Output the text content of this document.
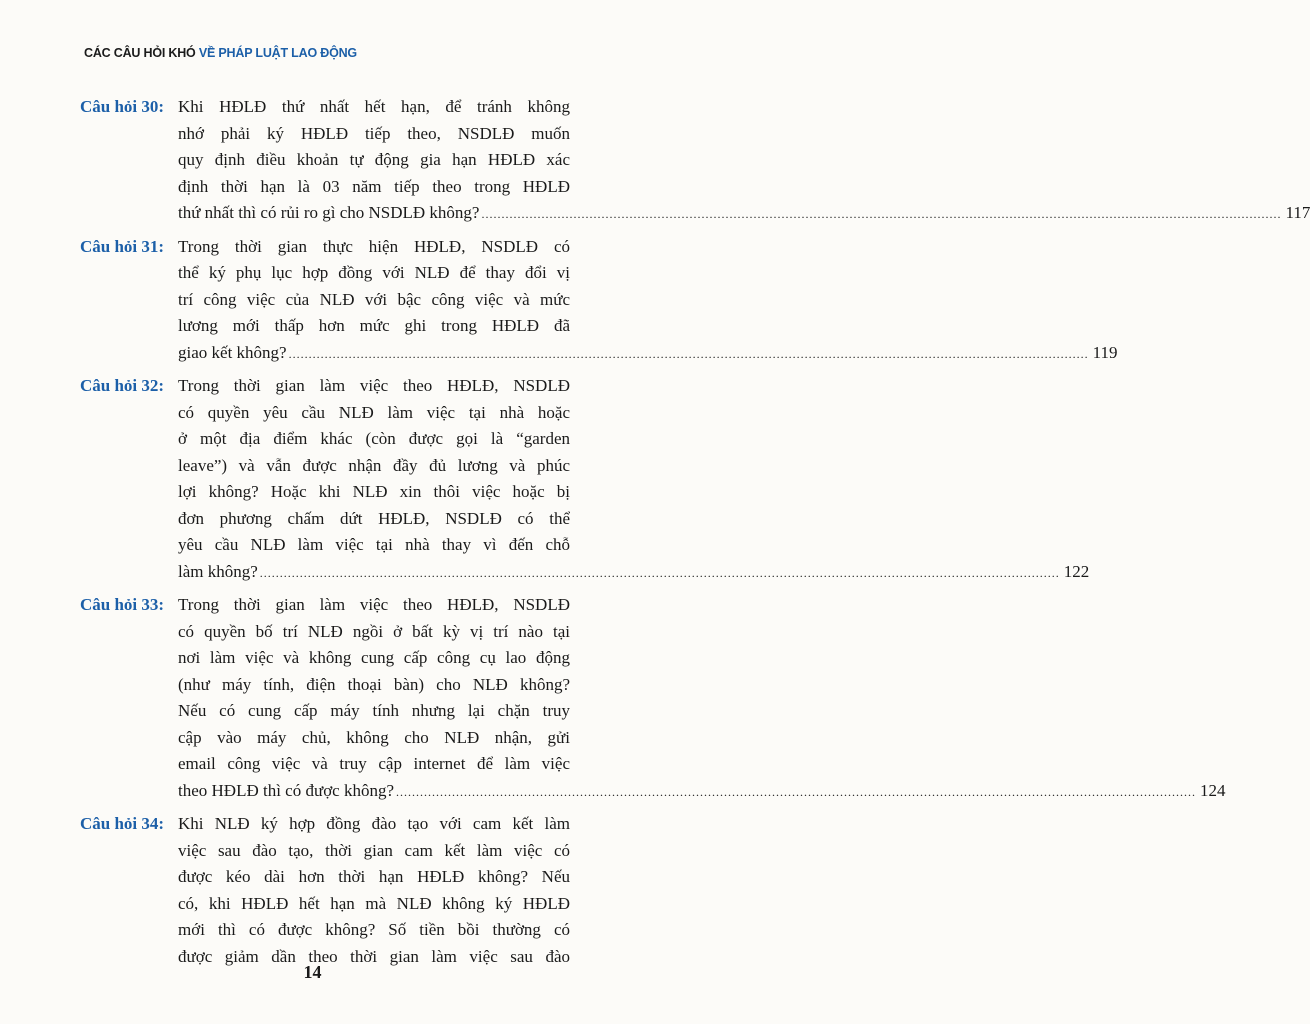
CÁC CÂU HỎI KHÓ VỀ PHÁP LUẬT LAO ĐỘNG
Câu hỏi 30: Khi HĐLĐ thứ nhất hết hạn, để tránh không
nhớ phải ký HĐLĐ tiếp theo, NSDLĐ muốn
quy định điều khoản tự động gia hạn HĐLĐ xác
định thời hạn là 03 năm tiếp theo trong HĐLĐ
thứ nhất thì có rủi ro gì cho NSDLĐ không? ........................................................................................................................................................................................................ 117
Câu hỏi 31: Trong thời gian thực hiện HĐLĐ, NSDLĐ có
thể ký phụ lục hợp đồng với NLĐ để thay đổi vị
trí công việc của NLĐ với bậc công việc và mức
lương mới thấp hơn mức ghi trong HĐLĐ đã
giao kết không? ........................................................................................................................................................................................................ 119
Câu hỏi 32: Trong thời gian làm việc theo HĐLĐ, NSDLĐ
có quyền yêu cầu NLĐ làm việc tại nhà hoặc
ở một địa điểm khác (còn được gọi là “garden
leave”) và vẫn được nhận đầy đủ lương và phúc
lợi không? Hoặc khi NLĐ xin thôi việc hoặc bị
đơn phương chấm dứt HĐLĐ, NSDLĐ có thể
yêu cầu NLĐ làm việc tại nhà thay vì đến chỗ
làm không? ........................................................................................................................................................................................................ 122
Câu hỏi 33: Trong thời gian làm việc theo HĐLĐ, NSDLĐ
có quyền bố trí NLĐ ngồi ở bất kỳ vị trí nào tại
nơi làm việc và không cung cấp công cụ lao động
(như máy tính, điện thoại bàn) cho NLĐ không?
Nếu có cung cấp máy tính nhưng lại chặn truy
cập vào máy chủ, không cho NLĐ nhận, gửi
email công việc và truy cập internet để làm việc
theo HĐLĐ thì có được không? ........................................................................................................................................................................................................ 124
Câu hỏi 34: Khi NLĐ ký hợp đồng đào tạo với cam kết làm
việc sau đào tạo, thời gian cam kết làm việc có
được kéo dài hơn thời hạn HĐLĐ không? Nếu
có, khi HĐLĐ hết hạn mà NLĐ không ký HĐLĐ
mới thì có được không? Số tiền bồi thường có
được giảm dần theo thời gian làm việc sau đào
14
